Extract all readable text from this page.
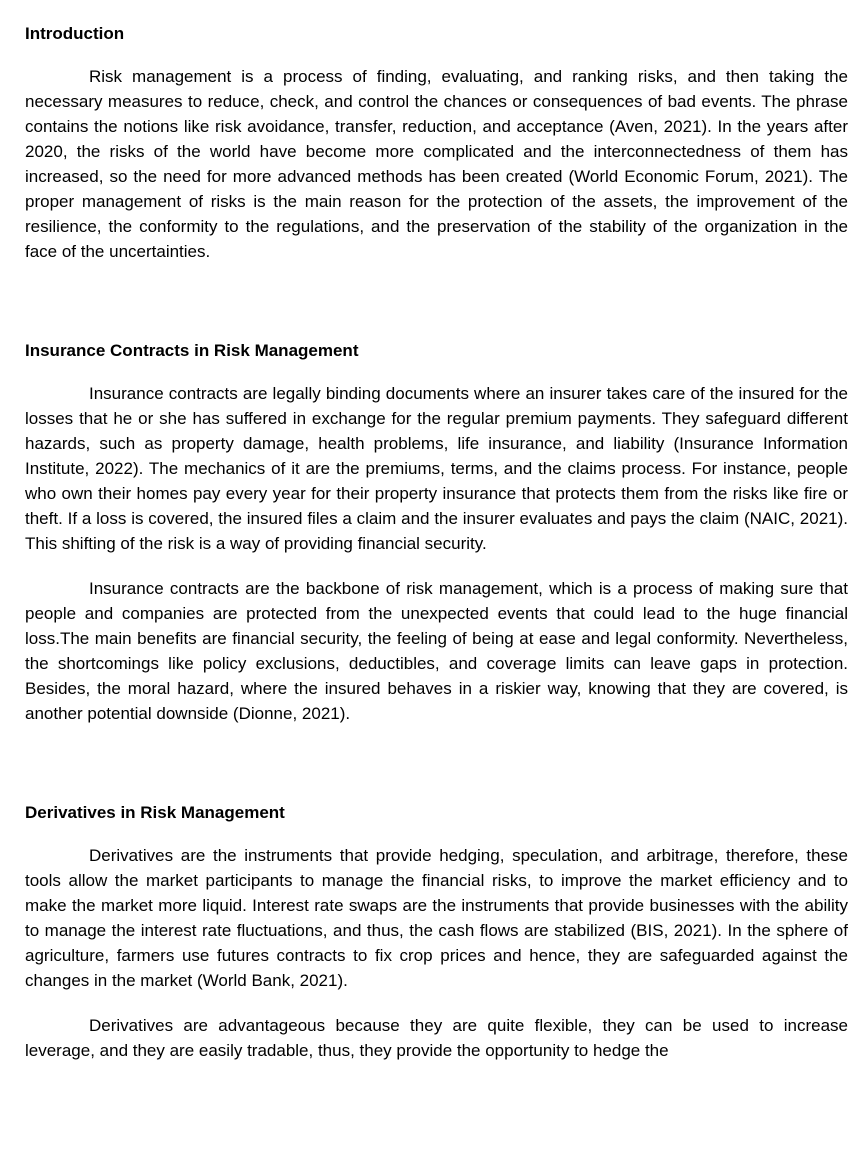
Introduction

Risk management is a process of finding, evaluating, and ranking risks, and then taking the necessary measures to reduce, check, and control the chances or consequences of bad events. The phrase contains the notions like risk avoidance, transfer, reduction, and acceptance (Aven, 2021). In the years after 2020, the risks of the world have become more complicated and the interconnectedness of them has increased, so the need for more advanced methods has been created (World Economic Forum, 2021). The proper management of risks is the main reason for the protection of the assets, the improvement of the resilience, the conformity to the regulations, and the preservation of the stability of the organization in the face of the uncertainties.

Insurance Contracts in Risk Management

Insurance contracts are legally binding documents where an insurer takes care of the insured for the losses that he or she has suffered in exchange for the regular premium payments. They safeguard different hazards, such as property damage, health problems, life insurance, and liability (Insurance Information Institute, 2022). The mechanics of it are the premiums, terms, and the claims process. For instance, people who own their homes pay every year for their property insurance that protects them from the risks like fire or theft. If a loss is covered, the insured files a claim and the insurer evaluates and pays the claim (NAIC, 2021). This shifting of the risk is a way of providing financial security.

Insurance contracts are the backbone of risk management, which is a process of making sure that people and companies are protected from the unexpected events that could lead to the huge financial loss.The main benefits are financial security, the feeling of being at ease and legal conformity. Nevertheless, the shortcomings like policy exclusions, deductibles, and coverage limits can leave gaps in protection. Besides, the moral hazard, where the insured behaves in a riskier way, knowing that they are covered, is another potential downside (Dionne, 2021).

Derivatives in Risk Management

Derivatives are the instruments that provide hedging, speculation, and arbitrage, therefore, these tools allow the market participants to manage the financial risks, to improve the market efficiency and to make the market more liquid. Interest rate swaps are the instruments that provide businesses with the ability to manage the interest rate fluctuations, and thus, the cash flows are stabilized (BIS, 2021). In the sphere of agriculture, farmers use futures contracts to fix crop prices and hence, they are safeguarded against the changes in the market (World Bank, 2021).

Derivatives are advantageous because they are quite flexible, they can be used to increase leverage, and they are easily tradable, thus, they provide the opportunity to hedge the
